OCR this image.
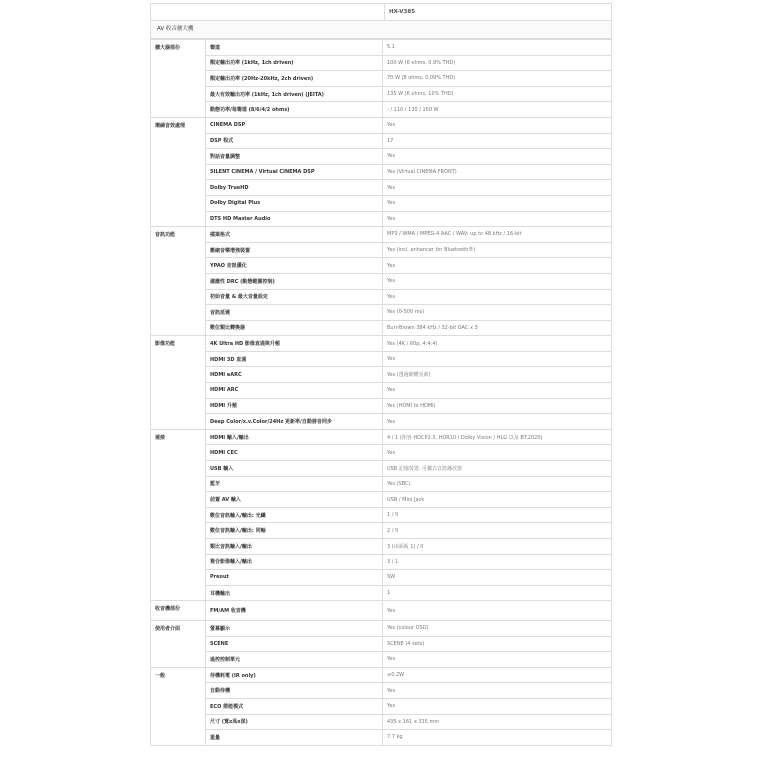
HX-V385
AV 收音擴大機
擴大器部份	聲道	5.1
	額定輸出功率 (1kHz, 1ch driven)	100 W (6 ohms, 0.9% THD)
	額定輸出功率 (20Hz-20kHz, 2ch driven)	70 W (8 ohms, 0.09% THD)
	最大有效輸出功率 (1kHz, 1ch driven) (JEITA)	135 W (6 ohms, 10% THD)
	動態功率/每聲道 (8/6/4/2 ohms)	- / 110 / 130 / 150 W
環繞音效處理	CINEMA DSP	Yes
	DSP 程式	17
	對話音量調整	Yes
	SILENT CINEMA / Virtual CINEMA DSP	Yes (Virtual CINEMA FRONT)
	Dolby TrueHD	Yes
	Dolby Digital Plus	Yes
	DTS HD Master Audio	Yes
音訊功能	檔案格式	MP3 / WMA / MPEG-4 AAC / WAV: up to 48 kHz / 16-bit
	壓縮音樂增強裝置	Yes (incl. enhancer for Bluetooth®)
	YPAO 音訊優化	Yes
	適應性 DRC (動態範圍控制)	Yes
	初始音量 & 最大音量設定	Yes
	音訊延遲	Yes (0-500 ms)
	數位類比轉換器	Burr-Brown 384 kHz / 32-bit DAC x 3
影像功能	4K Ultra HD 影像直通與升頻	Yes (4K / 60p, 4:4:4)
	HDMI 3D 直通	Yes
	HDMI eARC	Yes (透過韌體更新)
	HDMI ARC	Yes
	HDMI 升頻	Yes (HDMI to HDMI)
	Deep Color/x.v.Color/24Hz 更新率/自動唇音同步	Yes
連接	HDMI 輸入/輸出	4 / 1 (相容 HDCP2.3, HDR10 / Dolby Vision / HLG 以及 BT.2020)
	HDMI CEC	Yes
	USB 輸入	USB 記憶裝置, 可攜式音訊播放器
	藍牙	Yes (SBC)
	前置 AV 輸入	USB / Mini Jack
	數位音訊輸入/輸出: 光纖	1 / 0
	數位音訊輸入/輸出: 同軸	2 / 0
	類比音訊輸入/輸出	3 (由面板 1) / 0
	複合影像輸入/輸出	3 / 1
	Preout	SW
	耳機輸出	1
收音機部份	FM/AM 收音機	Yes
使用者介面	螢幕顯示	Yes (colour OSD)
	SCENE	SCENE (4 sets)
	遙控控制單元	Yes
一般	待機耗電 (IR only)	≤0.2W
	自動待機	Yes
	ECO 節能模式	Yes
	尺寸 (寬x高x深)	435 x 161 x 315 mm
	重量	7.7 kg
